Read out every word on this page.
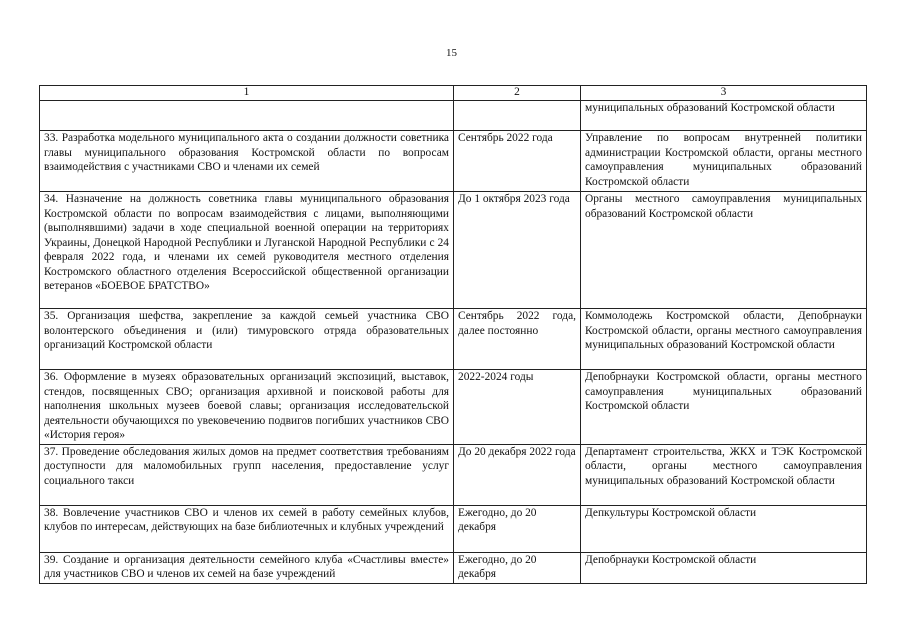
15
1	2	3
		муниципальных образований Костромской области
33. Разработка модельного муниципального акта о создании должности советника главы муниципального образования Костромской области по вопросам взаимодействия с участниками СВО и членами их семей	Сентябрь 2022 года	Управление по вопросам внутренней политики администрации Костромской области, органы местного самоуправления муниципальных образований Костромской области
34. Назначение на должность советника главы муниципального образования Костромской области по вопросам взаимодействия с лицами, выполняющими (выполнявшими) задачи в ходе специальной военной операции на территориях Украины, Донецкой Народной Республики и Луганской Народной Республики с 24 февраля 2022 года, и членами их семей руководителя местного отделения Костромского областного отделения Всероссийской общественной организации ветеранов «БОЕВОЕ БРАТСТВО»	До 1 октября 2023 года	Органы местного самоуправления муниципальных образований Костромской области
35. Организация шефства, закрепление за каждой семьей участника СВО волонтерского объединения и (или) тимуровского отряда образовательных организаций Костромской области	Сентябрь 2022 года, далее постоянно	Коммолодежь Костромской области, Депобрнауки Костромской области, органы местного самоуправления муниципальных образований Костромской области
36. Оформление в музеях образовательных организаций экспозиций, выставок, стендов, посвященных СВО; организация архивной и поисковой работы для наполнения школьных музеев боевой славы; организация исследовательской деятельности обучающихся по увековечению подвигов погибших участников СВО «История героя»	2022-2024 годы	Депобрнауки Костромской области, органы местного самоуправления муниципальных образований Костромской области
37. Проведение обследования жилых домов на предмет соответствия требованиям доступности для маломобильных групп населения, предоставление услуг социального такси	До 20 декабря 2022 года	Департамент строительства, ЖКХ и ТЭК Костромской области, органы местного самоуправления муниципальных образований Костромской области
38. Вовлечение участников СВО и членов их семей в работу семейных клубов, клубов по интересам, действующих на базе библиотечных и клубных учреждений	Ежегодно, до 20 декабря	Депкультуры Костромской области
39. Создание и организация деятельности семейного клуба «Счастливы вместе» для участников СВО и членов их семей на базе учреждений	Ежегодно, до 20 декабря	Депобрнауки Костромской области
